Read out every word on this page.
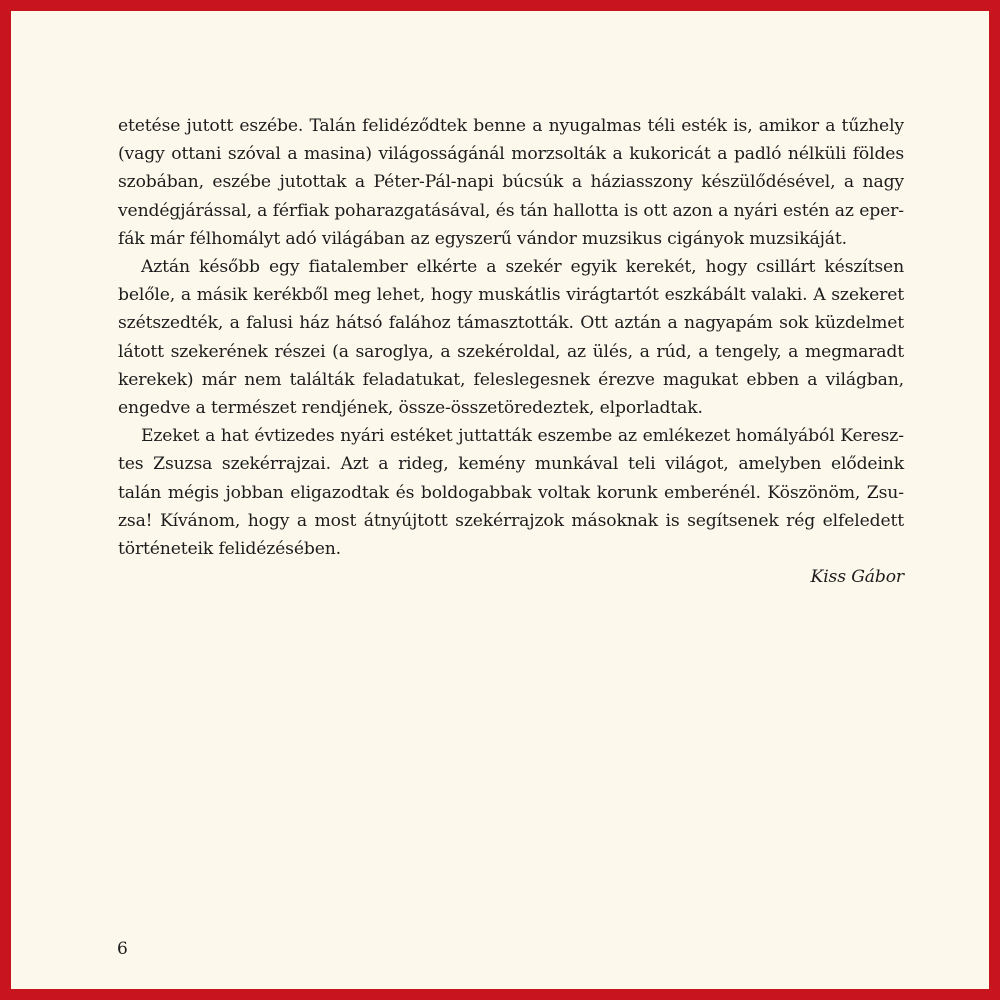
etetése jutott eszébe. Talán felidéződtek benne a nyugalmas téli esték is, amikor a tűzhely (vagy ottani szóval a masina) világosságánál morzsolták a kukoricát a padló nélküli földes szobában, eszébe jutottak a Péter-Pál-napi búcsúk a háziasszony készülődésével, a nagy vendégjárással, a férfiak poharazgatásával, és tán hallotta is ott azon a nyári estén az eperfák már félhomályt adó világában az egyszerű vándor muzsikus cigányok muzsikáját.

Aztán később egy fiatalember elkérte a szekér egyik kerekét, hogy csillárt készítsen belőle, a másik kerékből meg lehet, hogy muskátlis virágtartót eszkábált valaki. A szekeret szétszedték, a falusi ház hátsó falához támasztották. Ott aztán a nagyapám sok küzdelmet látott szekerének részei (a saroglya, a szekéroldal, az ülés, a rúd, a tengely, a megmaradt kerekek) már nem találták feladatukat, feleslegesnek érezve magukat ebben a világban, engedve a természet rendjének, össze-összetöredeztek, elporladtak.

Ezeket a hat évtizedes nyári estéket juttatták eszembe az emlékezet homályából Keresztes Zsuzsa szekérrajzai. Azt a rideg, kemény munkával teli világot, amelyben elődeink talán mégis jobban eligazodtak és boldogabbak voltak korunk emberénél. Köszönöm, Zsuzsa! Kívánom, hogy a most átnyújtott szekérrajzok másoknak is segítsenek rég elfeledett történeteik felidézésében.

Kiss Gábor

6
